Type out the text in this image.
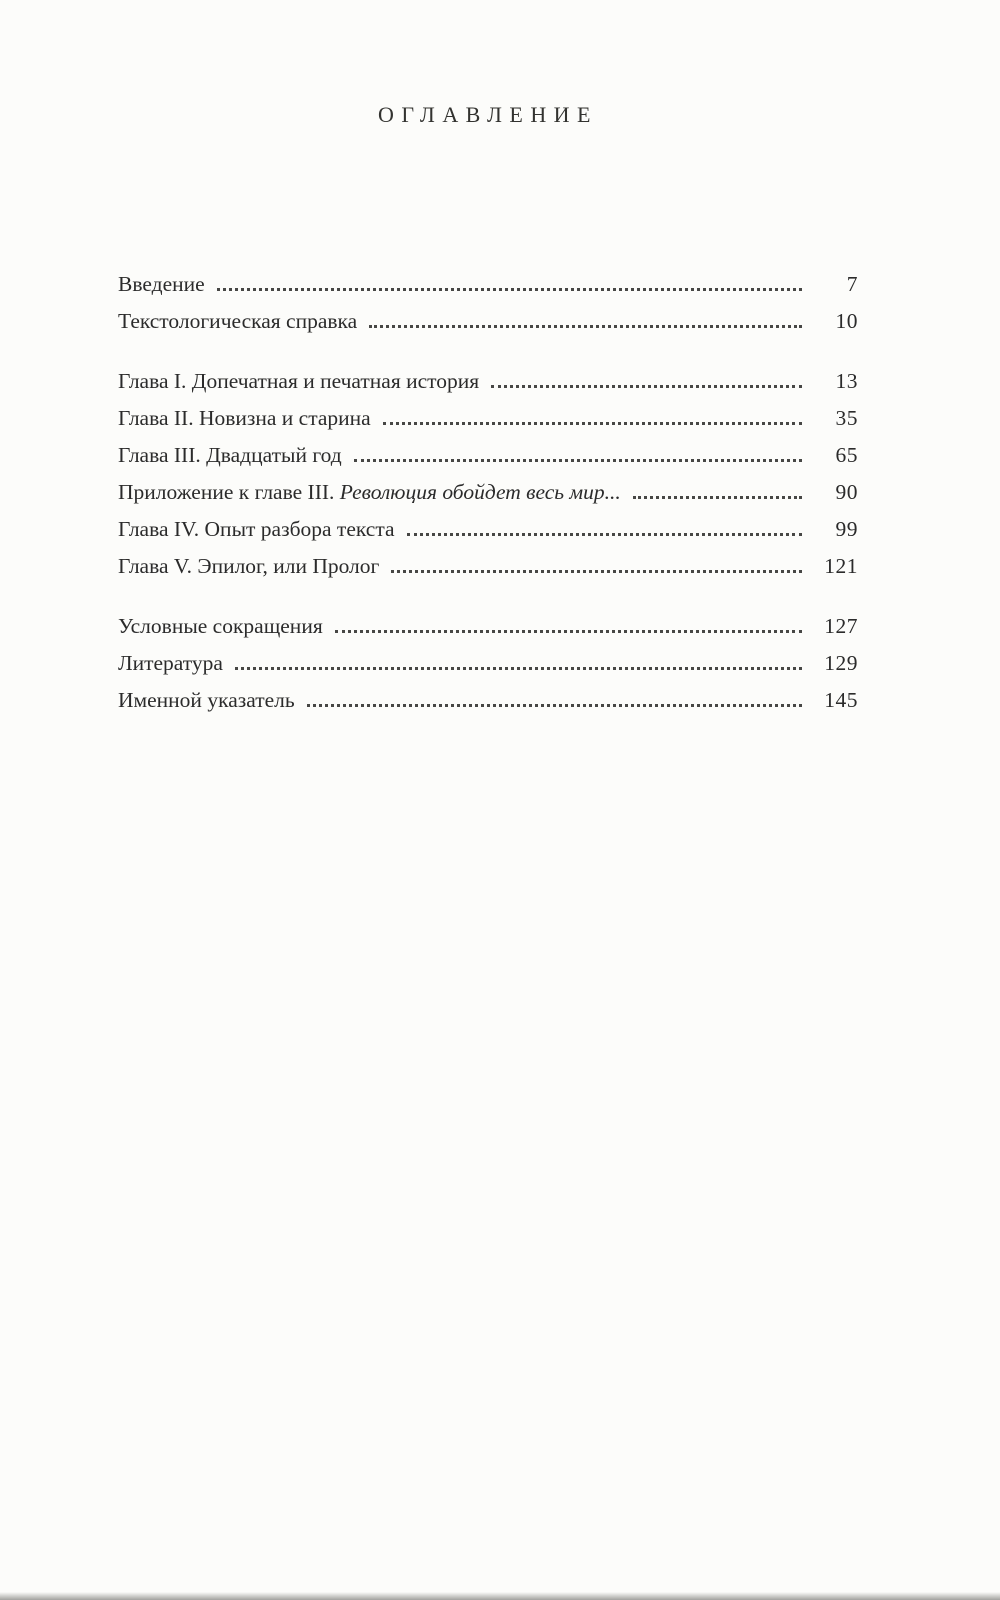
ОГЛАВЛЕНИЕ
Введение	7
Текстологическая справка	10
Глава I. Допечатная и печатная история	13
Глава II. Новизна и старина	35
Глава III. Двадцатый год	65
Приложение к главе III. Революция обойдет весь мир...	90
Глава IV. Опыт разбора текста	99
Глава V. Эпилог, или Пролог	121
Условные сокращения	127
Литература	129
Именной указатель	145
